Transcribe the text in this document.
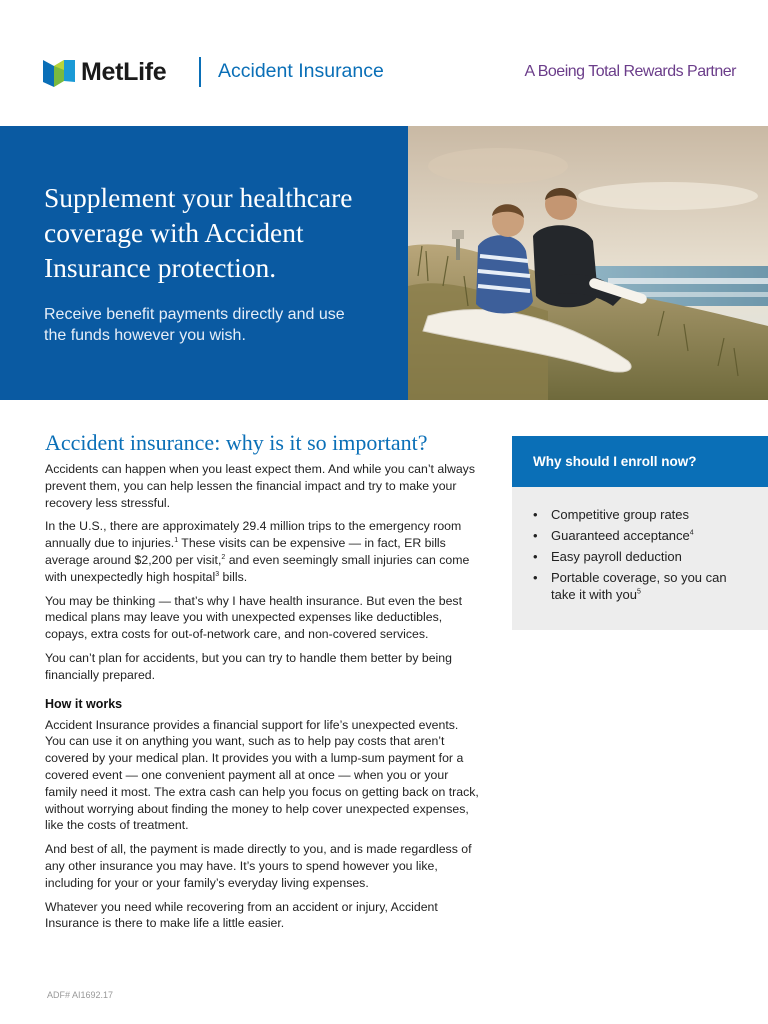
MetLife	Accident Insurance	A Boeing Total Rewards Partner
Supplement your healthcare coverage with Accident Insurance protection.
Receive benefit payments directly and use the funds however you wish.
Accident insurance: why is it so important?

Accidents can happen when you least expect them. And while you can’t always prevent them, you can help lessen the financial impact and try to make your recovery less stressful.

In the U.S., there are approximately 29.4 million trips to the emergency room annually due to injuries.$^1$ These visits can be expensive — in fact, ER bills average around $2,200 per visit,$^2$ and even seemingly small injuries can come with unexpectedly high hospital$^3$ bills.

You may be thinking — that’s why I have health insurance. But even the best medical plans may leave you with unexpected expenses like deductibles, copays, extra costs for out-of-network care, and non-covered services.

You can’t plan for accidents, but you can try to handle them better by being financially prepared.

How it works

Accident Insurance provides a financial support for life’s unexpected events. You can use it on anything you want, such as to help pay costs that aren’t covered by your medical plan. It provides you with a lump-sum payment for a covered event — one convenient payment all at once — when you or your family need it most. The extra cash can help you focus on getting back on track, without worrying about finding the money to help cover unexpected expenses, like the costs of treatment.

And best of all, the payment is made directly to you, and is made regardless of any other insurance you may have. It’s yours to spend however you like, including for your or your family’s everyday living expenses.

Whatever you need while recovering from an accident or injury, Accident Insurance is there to make life a little easier.

Why should I enroll now?
• Competitive group rates
• Guaranteed acceptance$^4$
• Easy payroll deduction
• Portable coverage, so you can take it with you$^5$
ADF# AI1692.17
